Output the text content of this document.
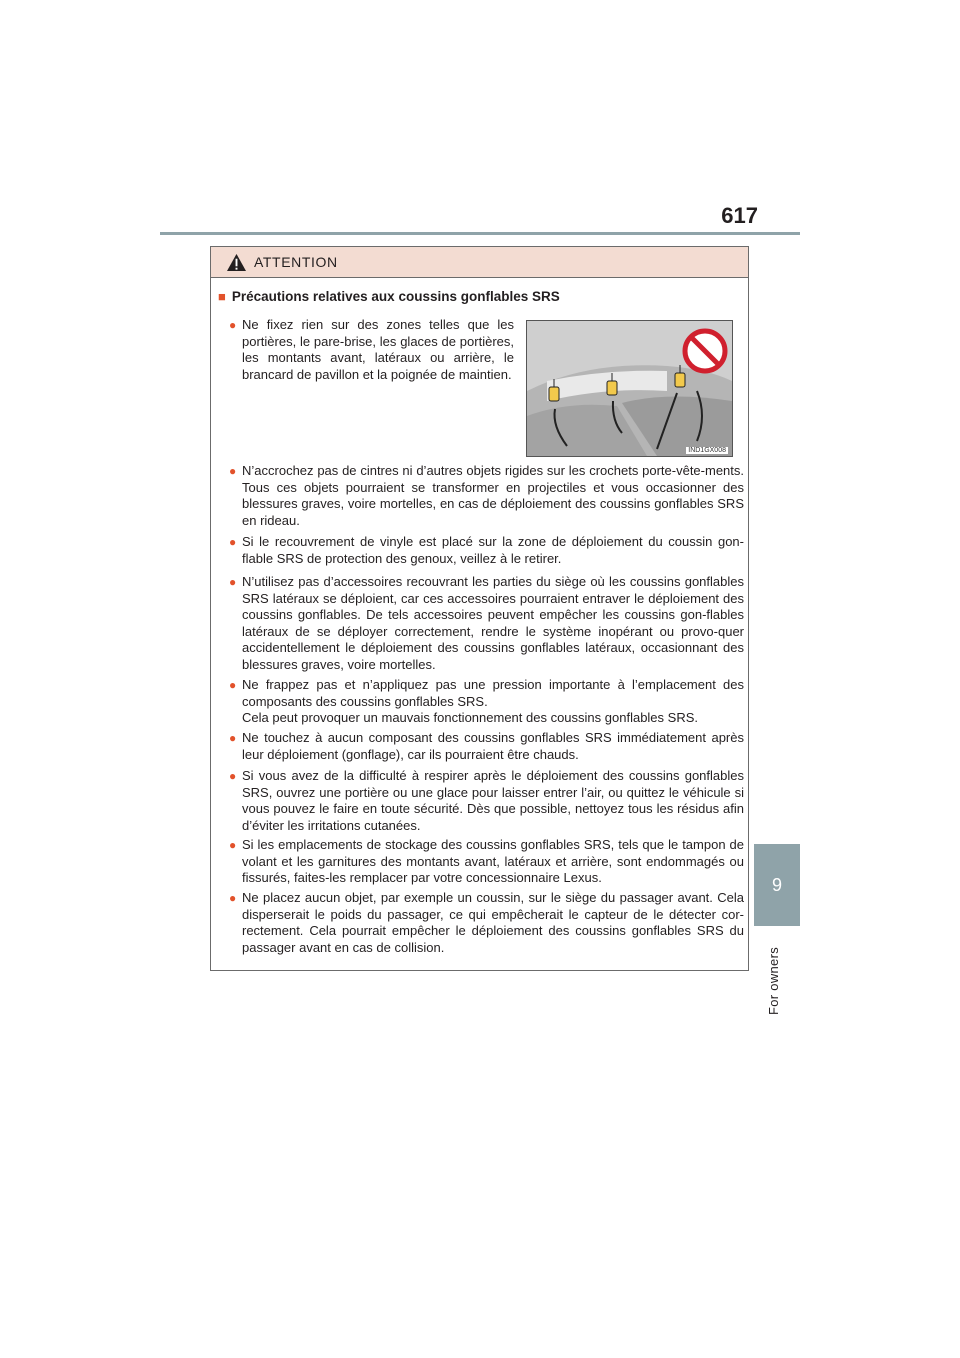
617
9
For owners
ATTENTION
■ Précautions relatives aux coussins gonflables SRS
● Ne fixez rien sur des zones telles que les portières, le pare-brise, les glaces de portières, les montants avant, latéraux ou arrière, le brancard de pavillon et la poignée de maintien.
IND1GX008
● N’accrochez pas de cintres ni d’autres objets rigides sur les crochets porte-vête-ments. Tous ces objets pourraient se transformer en projectiles et vous occasionner des blessures graves, voire mortelles, en cas de déploiement des coussins gonflables SRS en rideau.
● Si le recouvrement de vinyle est placé sur la zone de déploiement du coussin gon-flable SRS de protection des genoux, veillez à le retirer.
● N’utilisez pas d’accessoires recouvrant les parties du siège où les coussins gonflables SRS latéraux se déploient, car ces accessoires pourraient entraver le déploiement des coussins gonflables. De tels accessoires peuvent empêcher les coussins gon-flables latéraux de se déployer correctement, rendre le système inopérant ou provo-quer accidentellement le déploiement des coussins gonflables latéraux, occasionnant des blessures graves, voire mortelles.
● Ne frappez pas et n’appliquez pas une pression importante à l’emplacement des composants des coussins gonflables SRS.
Cela peut provoquer un mauvais fonctionnement des coussins gonflables SRS.
● Ne touchez à aucun composant des coussins gonflables SRS immédiatement après leur déploiement (gonflage), car ils pourraient être chauds.
● Si vous avez de la difficulté à respirer après le déploiement des coussins gonflables SRS, ouvrez une portière ou une glace pour laisser entrer l’air, ou quittez le véhicule si vous pouvez le faire en toute sécurité. Dès que possible, nettoyez tous les résidus afin d’éviter les irritations cutanées.
● Si les emplacements de stockage des coussins gonflables SRS, tels que le tampon de volant et les garnitures des montants avant, latéraux et arrière, sont endommagés ou fissurés, faites-les remplacer par votre concessionnaire Lexus.
● Ne placez aucun objet, par exemple un coussin, sur le siège du passager avant. Cela disperserait le poids du passager, ce qui empêcherait le capteur de le détecter cor-rectement. Cela pourrait empêcher le déploiement des coussins gonflables SRS du passager avant en cas de collision.
